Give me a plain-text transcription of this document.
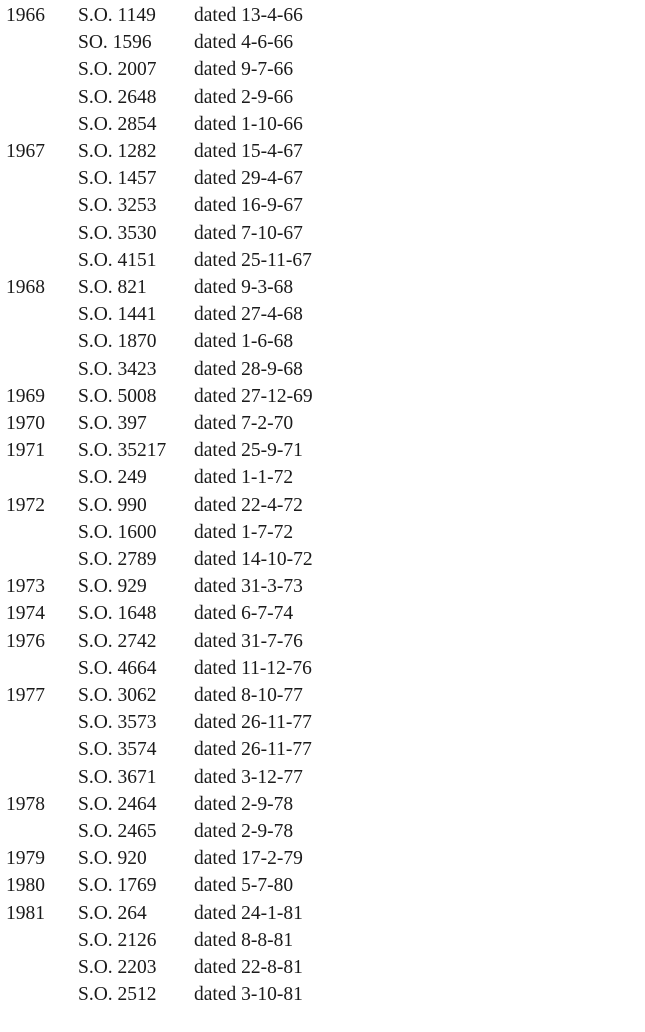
1966 S.O. 1149 dated 13-4-66
SO. 1596 dated 4-6-66
S.O. 2007 dated 9-7-66
S.O. 2648 dated 2-9-66
S.O. 2854 dated 1-10-66
1967 S.O. 1282 dated 15-4-67
S.O. 1457 dated 29-4-67
S.O. 3253 dated 16-9-67
S.O. 3530 dated 7-10-67
S.O. 4151 dated 25-11-67
1968 S.O. 821 dated 9-3-68
S.O. 1441 dated 27-4-68
S.O. 1870 dated 1-6-68
S.O. 3423 dated 28-9-68
1969 S.O. 5008 dated 27-12-69
1970 S.O. 397 dated 7-2-70
1971 S.O. 35217 dated 25-9-71
S.O. 249 dated 1-1-72
1972 S.O. 990 dated 22-4-72
S.O. 1600 dated 1-7-72
S.O. 2789 dated 14-10-72
1973 S.O. 929 dated 31-3-73
1974 S.O. 1648 dated 6-7-74
1976 S.O. 2742 dated 31-7-76
S.O. 4664 dated 11-12-76
1977 S.O. 3062 dated 8-10-77
S.O. 3573 dated 26-11-77
S.O. 3574 dated 26-11-77
S.O. 3671 dated 3-12-77
1978 S.O. 2464 dated 2-9-78
S.O. 2465 dated 2-9-78
1979 S.O. 920 dated 17-2-79
1980 S.O. 1769 dated 5-7-80
1981 S.O. 264 dated 24-1-81
S.O. 2126 dated 8-8-81
S.O. 2203 dated 22-8-81
S.O. 2512 dated 3-10-81
